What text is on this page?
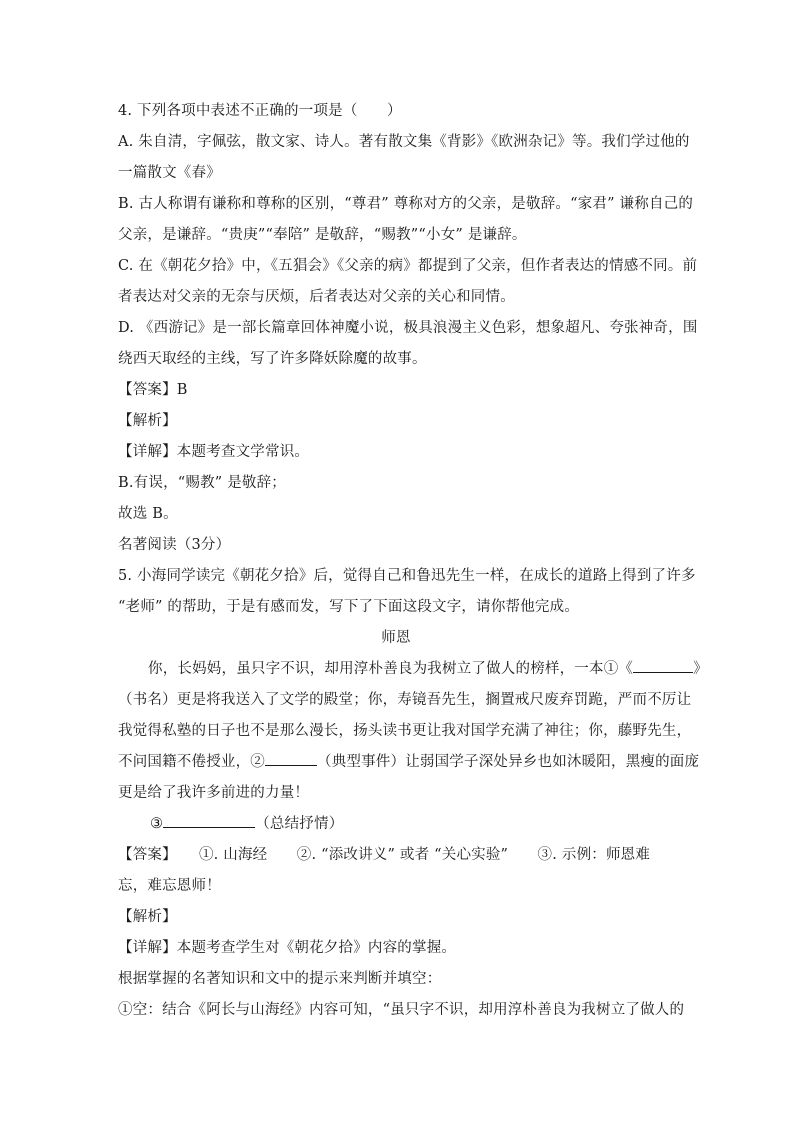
4. 下列各项中表述不正确的一项是（　　）
A. 朱自清，字佩弦，散文家、诗人。著有散文集《背影》《欧洲杂记》等。我们学过他的
一篇散文《春》
B. 古人称谓有谦称和尊称的区别，“尊君” 尊称对方的父亲，是敬辞。“家君” 谦称自己的
父亲，是谦辞。“贵庚”“奉陪” 是敬辞，“赐教”“小女” 是谦辞。
C. 在《朝花夕拾》中，《五猖会》《父亲的病》都提到了父亲，但作者表达的情感不同。前
者表达对父亲的无奈与厌烦，后者表达对父亲的关心和同情。
D. 《西游记》是一部长篇章回体神魔小说，极具浪漫主义色彩，想象超凡、夸张神奇，围
绕西天取经的主线，写了许多降妖除魔的故事。
【答案】B
【解析】
【详解】本题考查文学常识。
B.有误，“赐教” 是敬辞；
故选 B。
名著阅读（3分）
5. 小海同学读完《朝花夕拾》后，觉得自己和鲁迅先生一样，在成长的道路上得到了许多
“老师” 的帮助，于是有感而发，写下了下面这段文字，请你帮他完成。
师恩
你，长妈妈，虽只字不识，却用淳朴善良为我树立了做人的榜样，一本①《	》
（书名）更是将我送入了文学的殿堂；你，寿镜吾先生，搁置戒尺废弃罚跪，严而不厉让
我觉得私塾的日子也不是那么漫长，扬头读书更让我对国学充满了神往；你，藤野先生，
不问国籍不倦授业，②	（典型事件）让弱国学子深处异乡也如沐暖阳，黑瘦的面庞
更是给了我许多前进的力量！
③	（总结抒情）
【答案】　　①. 山海经　　②. “添改讲义” 或者 “关心实验”　　③. 示例：师恩难
忘，难忘恩师！
【解析】
【详解】本题考查学生对《朝花夕拾》内容的掌握。
根据掌握的名著知识和文中的提示来判断并填空：
①空：结合《阿长与山海经》内容可知，“虽只字不识，却用淳朴善良为我树立了做人的
